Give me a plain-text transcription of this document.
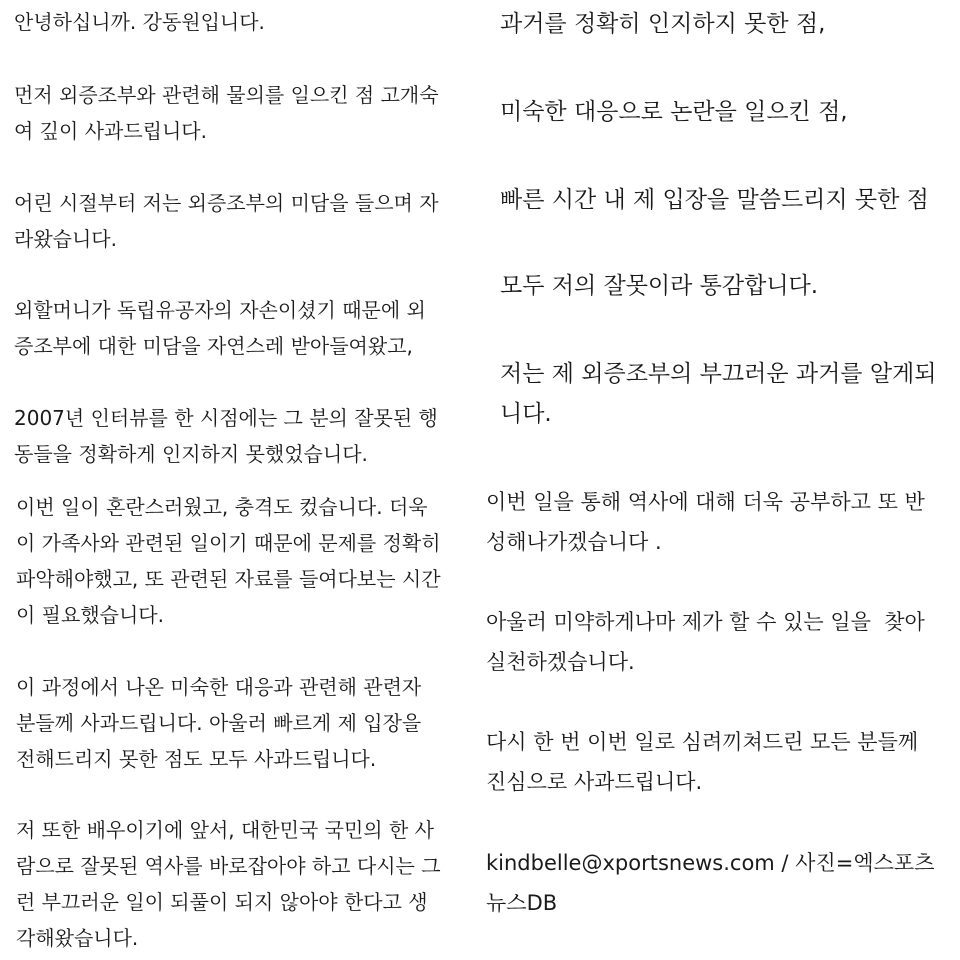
안녕하십니까. 강동원입니다.

먼저 외증조부와 관련해 물의를 일으킨 점 고개숙
여 깊이 사과드립니다.

어린 시절부터 저는 외증조부의 미담을 들으며 자
라왔습니다.

외할머니가 독립유공자의 자손이셨기 때문에 외
증조부에 대한 미담을 자연스레 받아들여왔고,

2007년 인터뷰를 한 시점에는 그 분의 잘못된 행
동들을 정확하게 인지하지 못했었습니다.

이번 일이 혼란스러웠고, 충격도 컸습니다. 더욱
이 가족사와 관련된 일이기 때문에 문제를 정확히
파악해야했고, 또 관련된 자료를 들여다보는 시간
이 필요했습니다.

이 과정에서 나온 미숙한 대응과 관련해 관련자
분들께 사과드립니다. 아울러 빠르게 제 입장을
전해드리지 못한 점도 모두 사과드립니다.

저 또한 배우이기에 앞서, 대한민국 국민의 한 사
람으로 잘못된 역사를 바로잡아야 하고 다시는 그
런 부끄러운 일이 되풀이 되지 않아야 한다고 생
각해왔습니다.

과거를 정확히 인지하지 못한 점,

미숙한 대응으로 논란을 일으킨 점,

빠른 시간 내 제 입장을 말씀드리지 못한 점

모두 저의 잘못이라 통감합니다.

저는 제 외증조부의 부끄러운 과거를 알게되
니다.

이번 일을 통해 역사에 대해 더욱 공부하고 또 반
성해나가겠습니다 .

아울러 미약하게나마 제가 할 수 있는 일을  찾아
실천하겠습니다.

다시 한 번 이번 일로 심려끼쳐드린 모든 분들께
진심으로 사과드립니다.

kindbelle@xportsnews.com / 사진=엑스포츠
뉴스DB
